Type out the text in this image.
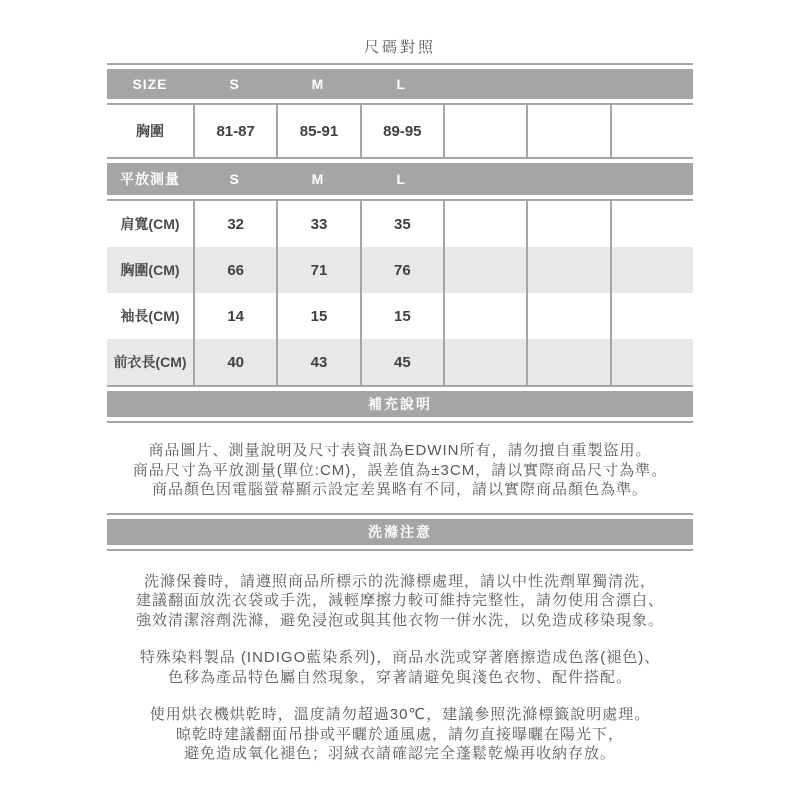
尺碼對照
SIZE	S	M	L
胸圍	81-87	85-91	89-95
平放測量	S	M	L
肩寬(CM)	32	33	35
胸圍(CM)	66	71	76
袖長(CM)	14	15	15
前衣長(CM)	40	43	45
補充說明
商品圖片、測量說明及尺寸表資訊為EDWIN所有，請勿擅自重製盜用。
商品尺寸為平放測量(單位:CM)，誤差值為±3CM，請以實際商品尺寸為準。
商品顏色因電腦螢幕顯示設定差異略有不同，請以實際商品顏色為準。
洗滌注意
洗滌保養時，請遵照商品所標示的洗滌標處理，請以中性洗劑單獨清洗，
建議翻面放洗衣袋或手洗，減輕摩擦力較可維持完整性，請勿使用含漂白、
強效清潔溶劑洗滌，避免浸泡或與其他衣物一併水洗，以免造成移染現象。
特殊染料製品 (INDIGO藍染系列)，商品水洗或穿著磨擦造成色落(褪色)、
色移為產品特色屬自然現象，穿著請避免與淺色衣物、配件搭配。
使用烘衣機烘乾時，溫度請勿超過30℃，建議參照洗滌標籤說明處理。
晾乾時建議翻面吊掛或平曬於通風處，請勿直接曝曬在陽光下，
避免造成氧化褪色；羽絨衣請確認完全蓬鬆乾燥再收納存放。
